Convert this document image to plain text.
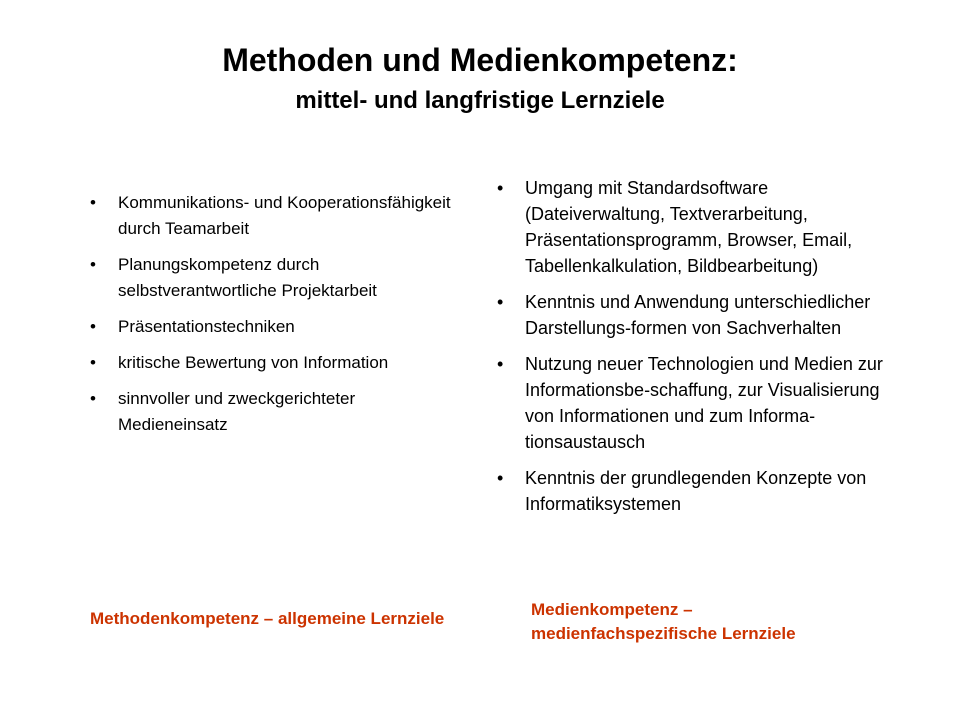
Methoden und Medienkompetenz:
mittel- und langfristige Lernziele
• Kommunikations- und Kooperationsfähigkeit durch Teamarbeit
• Planungskompetenz durch selbstverantwortliche Projektarbeit
• Präsentationstechniken
• kritische Bewertung von Information
• sinnvoller und zweckgerichteter Medieneinsatz
• Umgang mit Standardsoftware (Dateiverwaltung, Textverarbeitung, Präsentationsprogramm, Browser, Email, Tabellenkalkulation, Bildbearbeitung)
• Kenntnis und Anwendung unterschiedlicher Darstellungs-formen von Sachverhalten
• Nutzung neuer Technologien und Medien zur Informationsbe-schaffung, zur Visualisierung von Informationen und zum Informa-tionsaustausch
• Kenntnis der grundlegenden Konzepte von Informatiksystemen
Methodenkompetenz – allgemeine Lernziele	Medienkompetenz – medienfachspezifische Lernziele
